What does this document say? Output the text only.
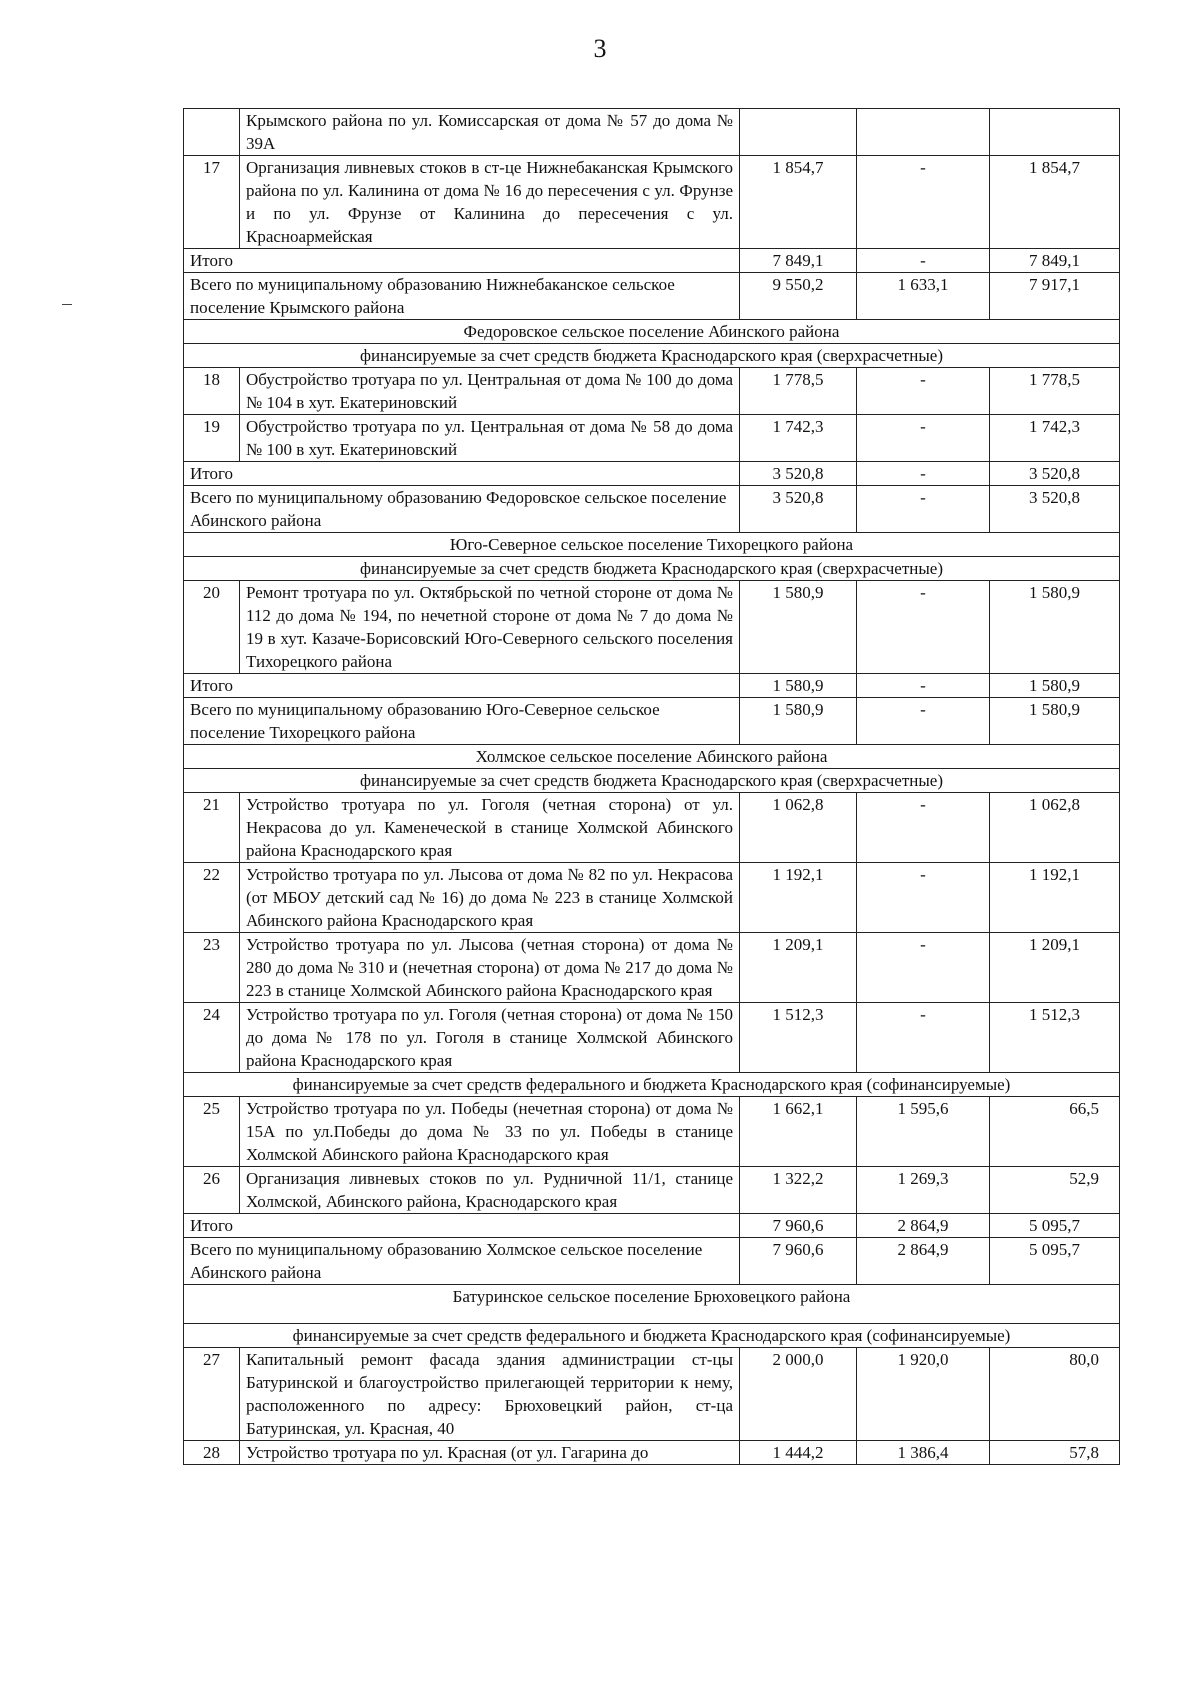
3
	Крымского района по ул. Комиссарская от дома № 57 до дома № 39А			
17	Организация ливневых стоков в ст-це Нижнебаканская Крымского района по ул. Калинина от дома № 16 до пересечения с ул. Фрунзе и по ул. Фрунзе от Калинина до пересечения с ул. Красноармейская	1 854,7	-	1 854,7
Итого		7 849,1	-	7 849,1
Всего по муниципальному образованию Нижнебаканское сельское поселение Крымского района		9 550,2	1 633,1	7 917,1
Федоровское сельское поселение Абинского района				
финансируемые за счет средств бюджета Краснодарского края (сверхрасчетные)				
18	Обустройство тротуара по ул. Центральная от дома № 100 до дома № 104 в хут. Екатериновский	1 778,5	-	1 778,5
19	Обустройство тротуара по ул. Центральная от дома № 58 до дома № 100 в хут. Екатериновский	1 742,3	-	1 742,3
Итого		3 520,8	-	3 520,8
Всего по муниципальному образованию Федоровское сельское поселение Абинского района		3 520,8	-	3 520,8
Юго-Северное сельское поселение Тихорецкого района				
финансируемые за счет средств бюджета Краснодарского края (сверхрасчетные)				
20	Ремонт тротуара по ул. Октябрьской по четной стороне от дома № 112 до дома № 194, по нечетной стороне от дома № 7 до дома № 19 в хут. Казаче-Борисовский Юго-Северного сельского поселения Тихорецкого района	1 580,9	-	1 580,9
Итого		1 580,9	-	1 580,9
Всего по муниципальному образованию Юго-Северное сельское поселение Тихорецкого района		1 580,9	-	1 580,9
Холмское сельское поселение Абинского района				
финансируемые за счет средств бюджета Краснодарского края (сверхрасчетные)				
21	Устройство тротуара по ул. Гоголя (четная сторона) от ул. Некрасова до ул. Каменеческой в станице Холмской Абинского района Краснодарского края	1 062,8	-	1 062,8
22	Устройство тротуара по ул. Лысова от дома № 82 по ул. Некрасова (от МБОУ детский сад № 16) до дома № 223 в станице Холмской Абинского района Краснодарского края	1 192,1	-	1 192,1
23	Устройство тротуара по ул. Лысова (четная сторона) от дома № 280 до дома № 310 и (нечетная сторона) от дома № 217 до дома № 223 в станице Холмской Абинского района Краснодарского края	1 209,1	-	1 209,1
24	Устройство тротуара по ул. Гоголя (четная сторона) от дома № 150 до дома № 178 по ул. Гоголя в станице Холмской Абинского района Краснодарского края	1 512,3	-	1 512,3
финансируемые за счет средств федерального и бюджета Краснодарского края (софинансируемые)				
25	Устройство тротуара по ул. Победы (нечетная сторона) от дома № 15А по ул.Победы до дома № 33 по ул. Победы в станице Холмской Абинского района Краснодарского края	1 662,1	1 595,6	66,5
26	Организация ливневых стоков по ул. Рудничной 11/1, станице Холмской, Абинского района, Краснодарского края	1 322,2	1 269,3	52,9
Итого		7 960,6	2 864,9	5 095,7
Всего по муниципальному образованию Холмское сельское поселение Абинского района		7 960,6	2 864,9	5 095,7
Батуринское сельское поселение Брюховецкого района				
финансируемые за счет средств федерального и бюджета Краснодарского края (софинансируемые)				
27	Капитальный ремонт фасада здания администрации ст-цы Батуринской и благоустройство прилегающей территории к нему, расположенного по адресу: Брюховецкий район, ст-ца Батуринская, ул. Красная, 40	2 000,0	1 920,0	80,0
28	Устройство тротуара по ул. Красная (от ул. Гагарина до	1 444,2	1 386,4	57,8
